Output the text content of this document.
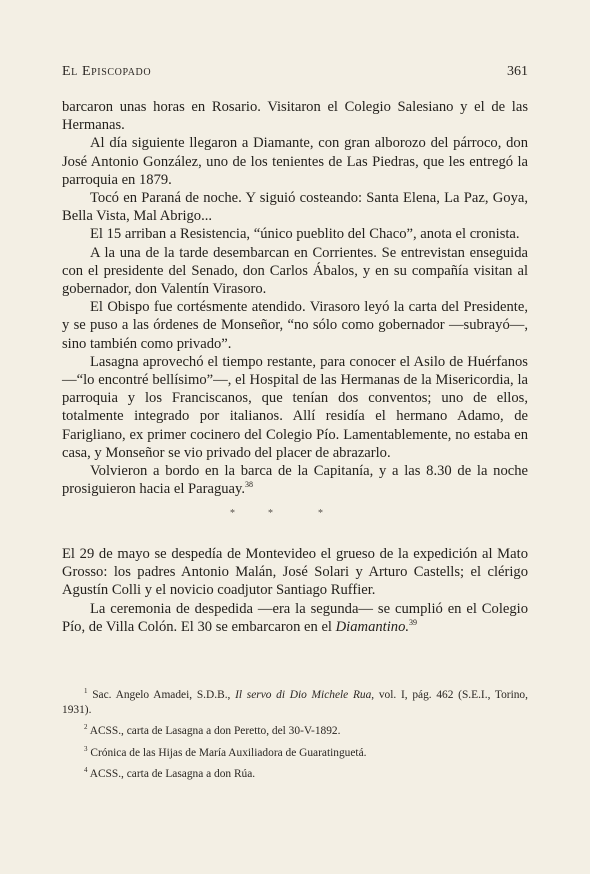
El Episcopado	361

barcaron unas horas en Rosario. Visitaron el Colegio Salesiano y el de las Hermanas.

Al día siguiente llegaron a Diamante, con gran alborozo del párroco, don José Antonio González, uno de los tenientes de Las Piedras, que les entregó la parroquia en 1879.

Tocó en Paraná de noche. Y siguió costeando: Santa Elena, La Paz, Goya, Bella Vista, Mal Abrigo...

El 15 arriban a Resistencia, “único pueblito del Chaco”, anota el cronista.

A la una de la tarde desembarcan en Corrientes. Se entrevistan enseguida con el presidente del Senado, don Carlos Ábalos, y en su compañía visitan al gobernador, don Valentín Virasoro.

El Obispo fue cortésmente atendido. Virasoro leyó la carta del Presidente, y se puso a las órdenes de Monseñor, “no sólo como gobernador —subrayó—, sino también como privado”.

Lasagna aprovechó el tiempo restante, para conocer el Asilo de Huérfanos —“lo encontré bellísimo”—, el Hospital de las Hermanas de la Misericordia, la parroquia y los Franciscanos, que tenían dos conventos; uno de ellos, totalmente integrado por italianos. Allí residía el hermano Adamo, de Farigliano, ex primer cocinero del Colegio Pío. Lamentablemente, no estaba en casa, y Monseñor se vio privado del placer de abrazarlo.

Volvieron a bordo en la barca de la Capitanía, y a las 8.30 de la noche prosiguieron hacia el Paraguay.$^{38}$

*	*	*

El 29 de mayo se despedía de Montevideo el grueso de la expedición al Mato Grosso: los padres Antonio Malán, José Solari y Arturo Castells; el clérigo Agustín Colli y el novicio coadjutor Santiago Ruffier.

La ceremonia de despedida —era la segunda— se cumplió en el Colegio Pío, de Villa Colón. El 30 se embarcaron en el Diamantino.$^{39}$

$^1$ Sac. Angelo Amadei, S.D.B., Il servo di Dio Michele Rua, vol. I, pág. 462 (S.E.I., Torino, 1931).

$^2$ ACSS., carta de Lasagna a don Peretto, del 30-V-1892.

$^3$ Crónica de las Hijas de María Auxiliadora de Guaratinguetá.

$^4$ ACSS., carta de Lasagna a don Rúa.
